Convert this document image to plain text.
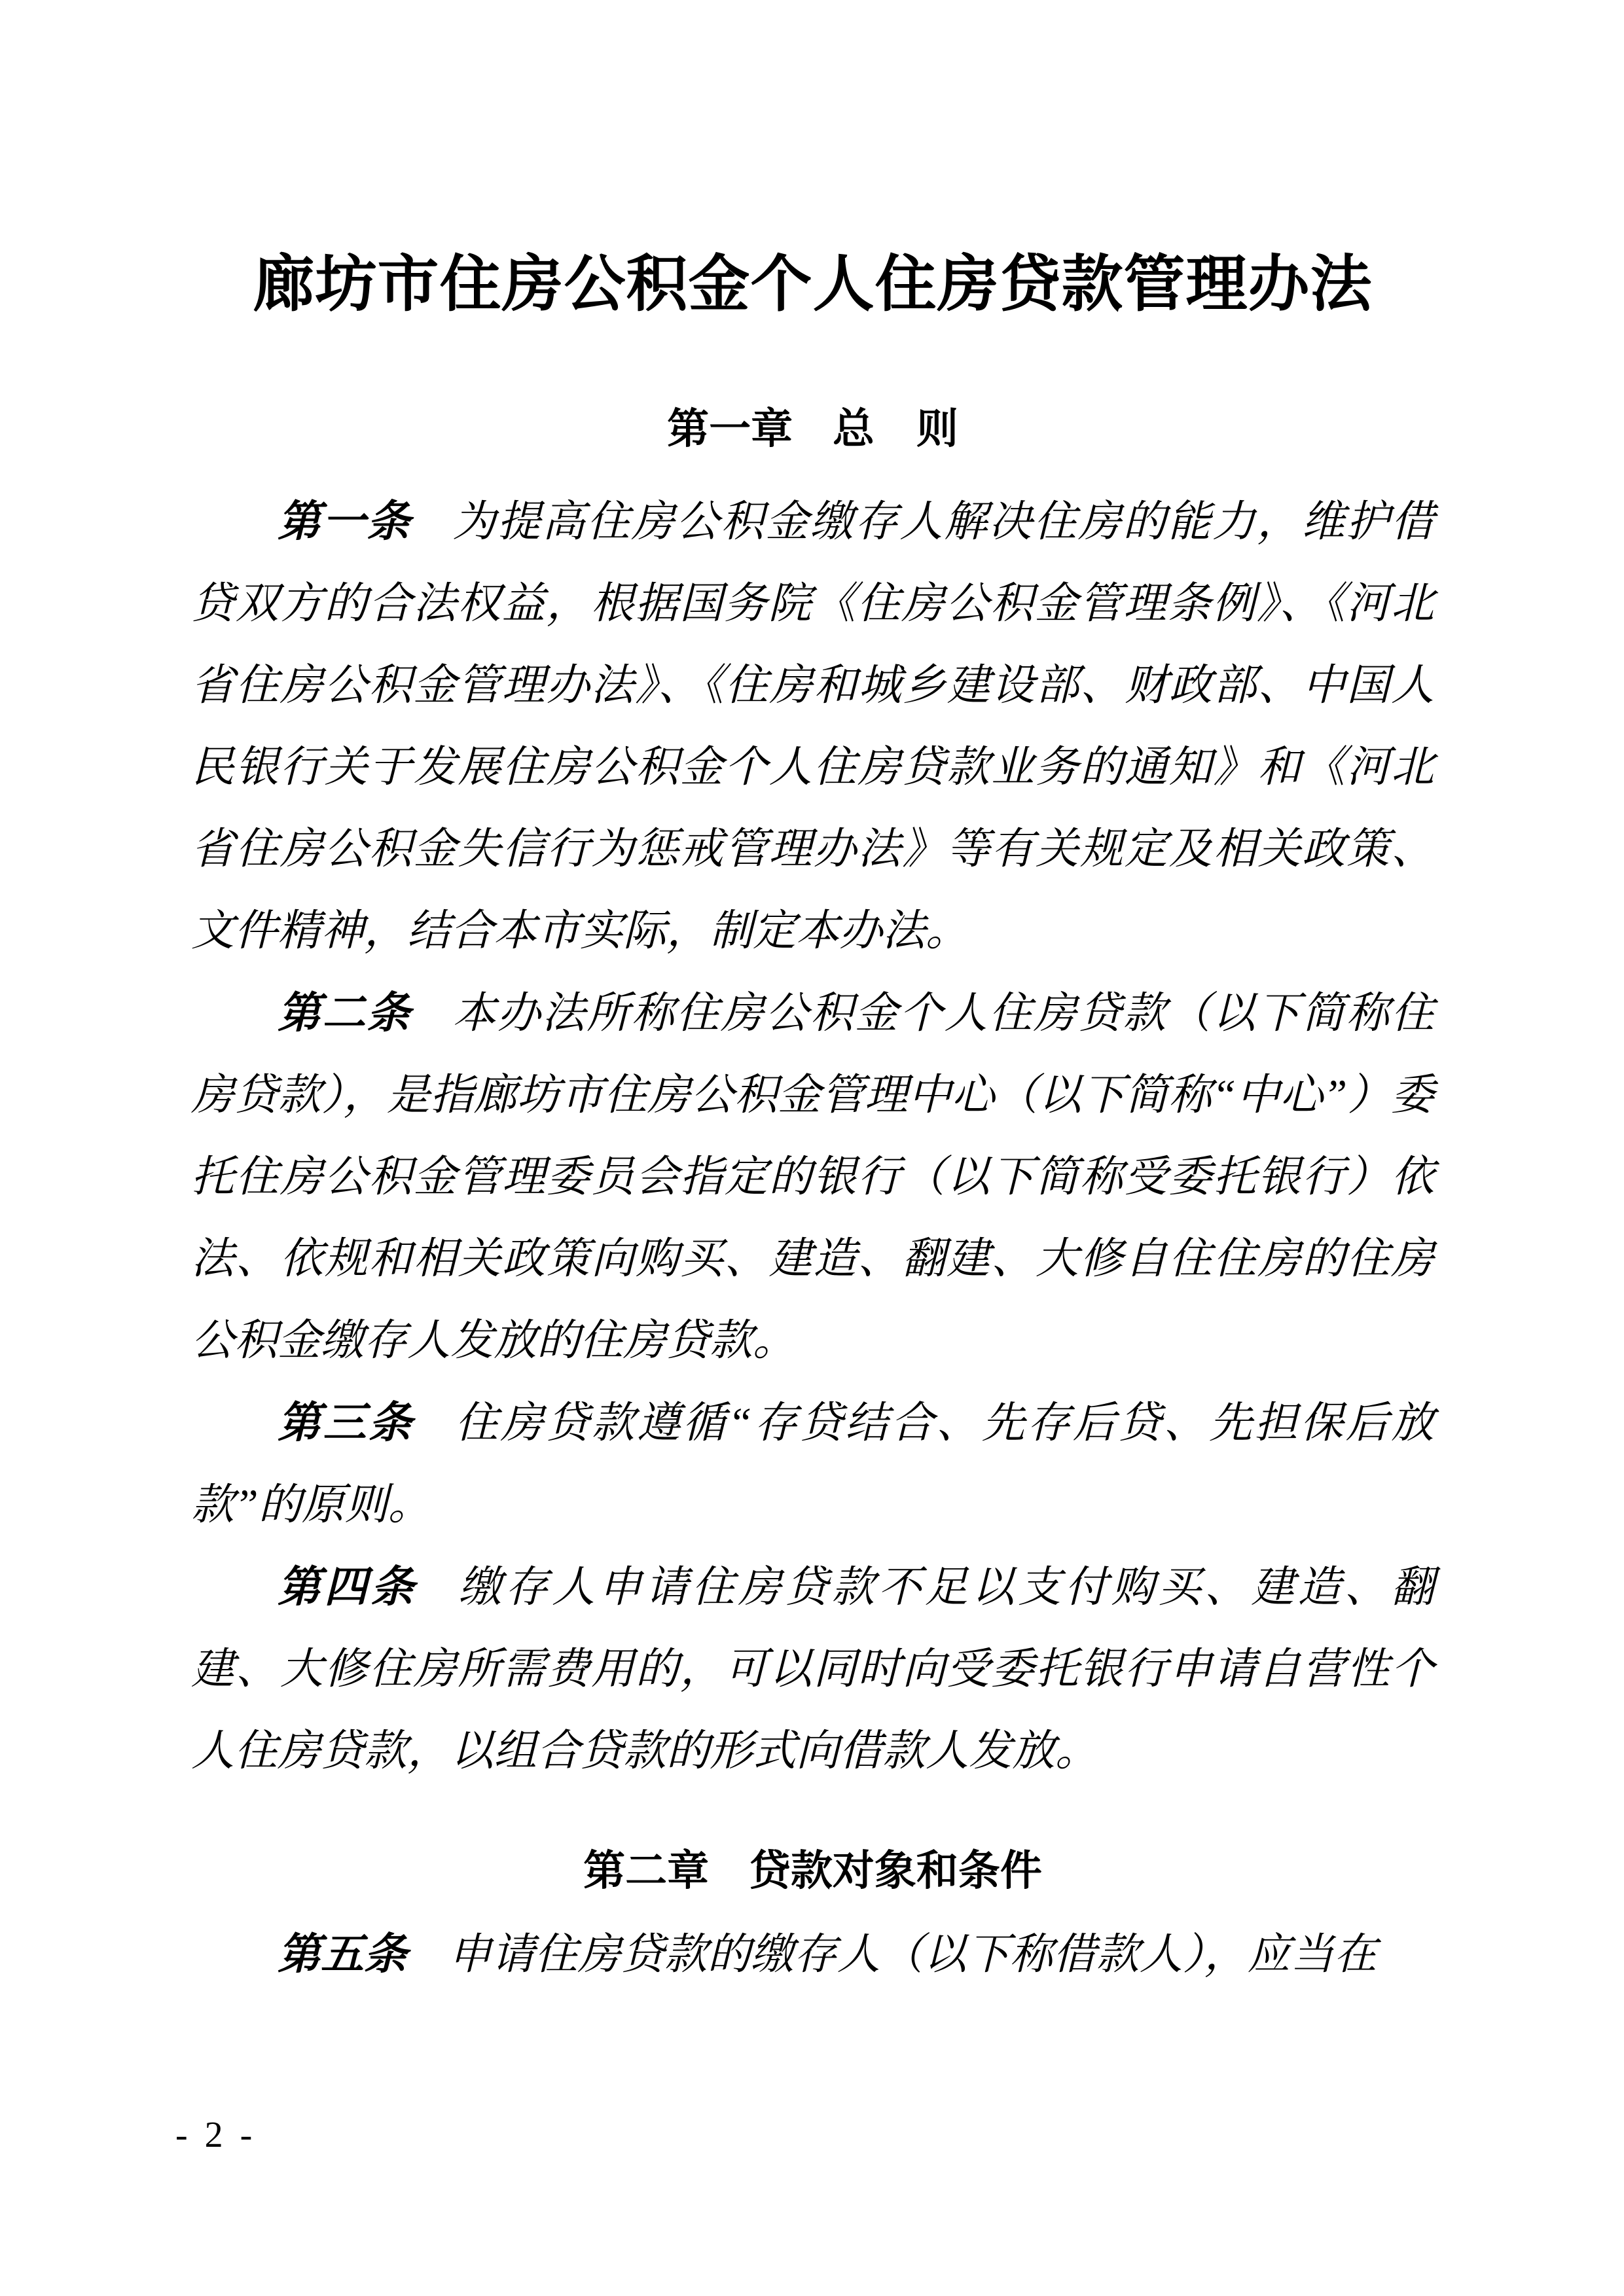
廊坊市住房公积金个人住房贷款管理办法
第一章 总　则

第一条 为提高住房公积金缴存人解决住房的能力，维护借贷双方的合法权益，根据国务院《住房公积金管理条例》、《河北省住房公积金管理办法》、《住房和城乡建设部、财政部、中国人民银行关于发展住房公积金个人住房贷款业务的通知》和《河北省住房公积金失信行为惩戒管理办法》等有关规定及相关政策、文件精神，结合本市实际，制定本办法。

第二条 本办法所称住房公积金个人住房贷款（以下简称住房贷款），是指廊坊市住房公积金管理中心（以下简称“中心”）委托住房公积金管理委员会指定的银行（以下简称受委托银行）依法、依规和相关政策向购买、建造、翻建、大修自住住房的住房公积金缴存人发放的住房贷款。

第三条 住房贷款遵循“存贷结合、先存后贷、先担保后放款”的原则。

第四条 缴存人申请住房贷款不足以支付购买、建造、翻建、大修住房所需费用的，可以同时向受委托银行申请自营性个人住房贷款，以组合贷款的形式向借款人发放。

第二章 贷款对象和条件

第五条 申请住房贷款的缴存人（以下称借款人），应当在

- 2 -
